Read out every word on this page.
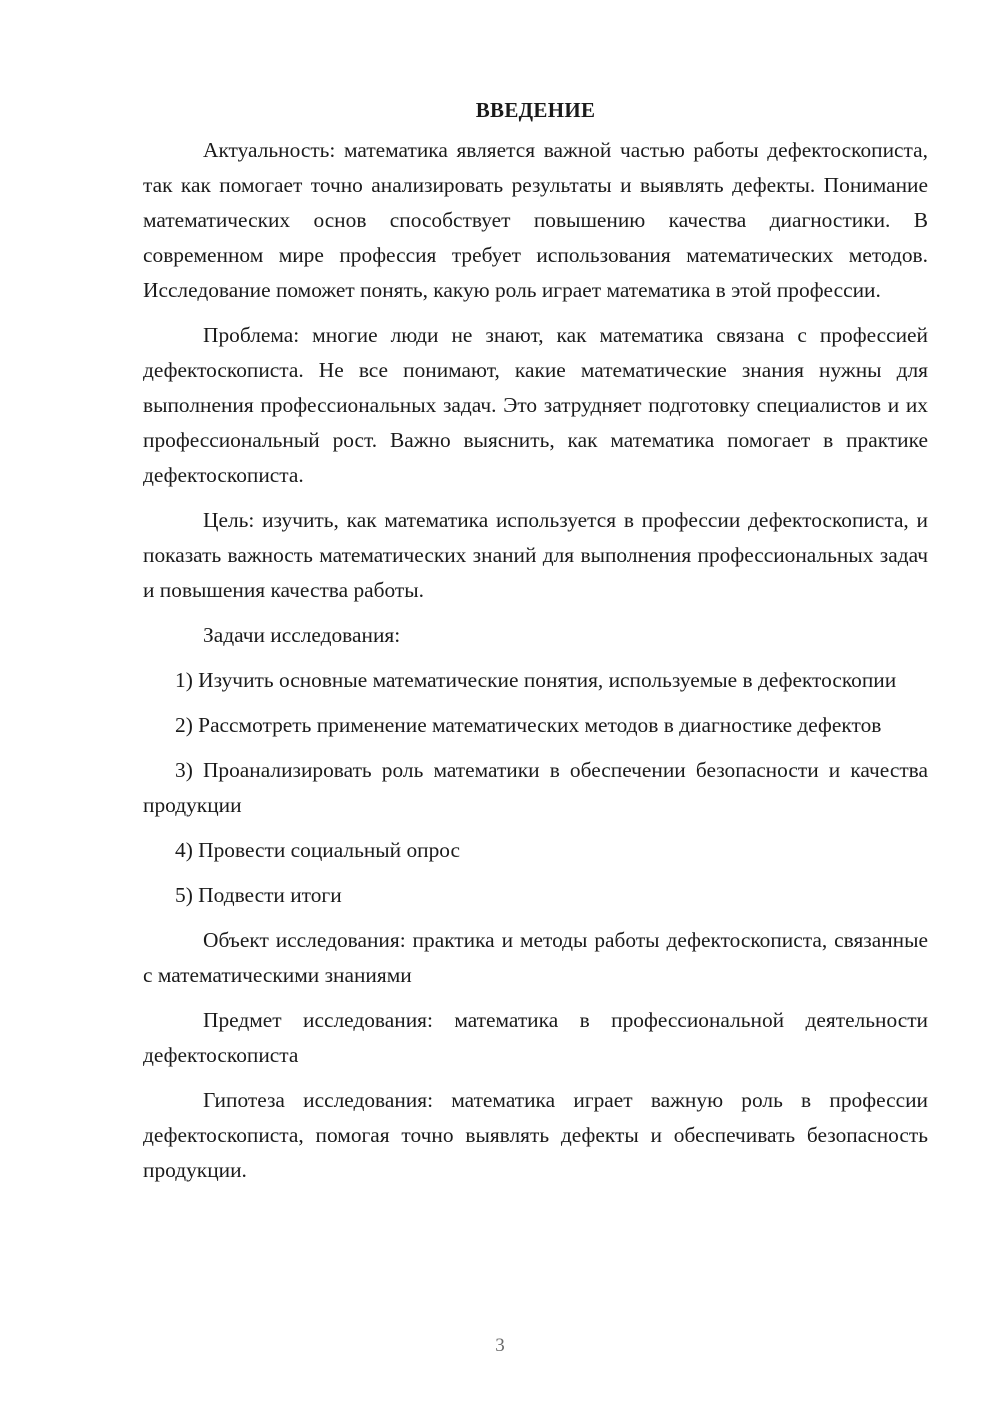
ВВЕДЕНИЕ

Актуальность: математика является важной частью работы дефектоскописта, так как помогает точно анализировать результаты и выявлять дефекты. Понимание математических основ способствует повышению качества диагностики. В современном мире профессия требует использования математических методов. Исследование поможет понять, какую роль играет математика в этой профессии.

Проблема: многие люди не знают, как математика связана с профессией дефектоскописта. Не все понимают, какие математические знания нужны для выполнения профессиональных задач. Это затрудняет подготовку специалистов и их профессиональный рост. Важно выяснить, как математика помогает в практике дефектоскописта.

Цель: изучить, как математика используется в профессии дефектоскописта, и показать важность математических знаний для выполнения профессиональных задач и повышения качества работы.

Задачи исследования:

1) Изучить основные математические понятия, используемые в дефектоскопии

2) Рассмотреть применение математических методов в диагностике дефектов

3) Проанализировать роль математики в обеспечении безопасности и качества продукции

4) Провести социальный опрос

5) Подвести итоги

Объект исследования: практика и методы работы дефектоскописта, связанные с математическими знаниями

Предмет исследования: математика в профессиональной деятельности дефектоскописта

Гипотеза исследования: математика играет важную роль в профессии дефектоскописта, помогая точно выявлять дефекты и обеспечивать безопасность продукции.

3
